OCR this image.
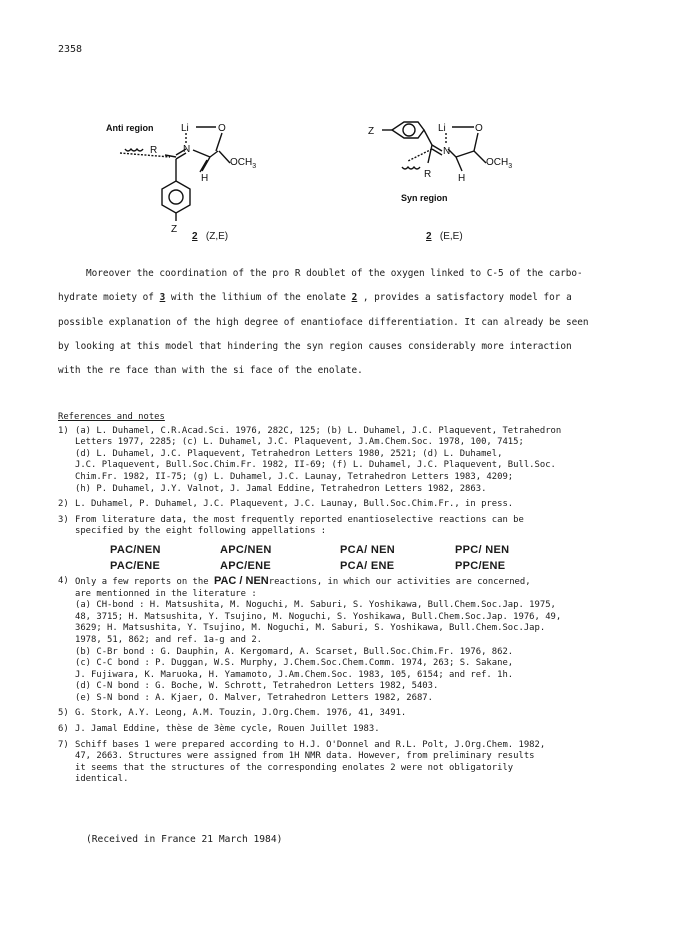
2358
Anti region	Li	O
N
R
H
$OCH_3$
Z
Z	Li	O
N
R	H
$OCH_3$
Syn region
2 (Z,E)	2 (E,E)

Moreover the coordination of the pro R doublet of the oxygen linked to C-5 of the carbo-

hydrate moiety of 3 with the lithium of the enolate 2 , provides a satisfactory model for a
possible explanation of the high degree of enantioface differentiation. It can already be seen
by looking at this model that hindering the syn region causes considerably more interaction
with the re face than with the si face of the enolate.
References and notes
1) (a) L. Duhamel, C.R.Acad.Sci. 1976, 282C, 125; (b) L. Duhamel, J.C. Plaquevent, Tetrahedron
Letters 1977, 2285; (c) L. Duhamel, J.C. Plaquevent, J.Am.Chem.Soc. 1978, 100, 7415;
(d) L. Duhamel, J.C. Plaquevent, Tetrahedron Letters 1980, 2521; (d) L. Duhamel,
J.C. Plaquevent, Bull.Soc.Chim.Fr. 1982, II-69; (f) L. Duhamel, J.C. Plaquevent, Bull.Soc.
Chim.Fr. 1982, II-75; (g) L. Duhamel, J.C. Launay, Tetrahedron Letters 1983, 4209;
(h) P. Duhamel, J.Y. Valnot, J. Jamal Eddine, Tetrahedron Letters 1982, 2863.
2) L. Duhamel, P. Duhamel, J.C. Plaquevent, J.C. Launay, Bull.Soc.Chim.Fr., in press.
3) From literature data, the most frequently reported enantioselective reactions can be
specified by the eight following appellations :
PAC/NEN	APC/NEN	PCA/ NEN	PPC/ NEN
PAC/ENE	APC/ENE	PCA/ ENE	PPC/ENE
4) Only a few reports on the PAC / NENreactions, in which our activities are concerned,
are mentionned in the literature :
(a) CH-bond : H. Matsushita, M. Noguchi, M. Saburi, S. Yoshikawa, Bull.Chem.Soc.Jap. 1975,
48, 3715; H. Matsushita, Y. Tsujino, M. Noguchi, S. Yoshikawa, Bull.Chem.Soc.Jap. 1976, 49,
3629; H. Matsushita, Y. Tsujino, M. Noguchi, M. Saburi, S. Yoshikawa, Bull.Chem.Soc.Jap.
1978, 51, 862; and ref. 1a-g and 2.
(b) C-Br bond : G. Dauphin, A. Kergomard, A. Scarset, Bull.Soc.Chim.Fr. 1976, 862.
(c) C-C bond : P. Duggan, W.S. Murphy, J.Chem.Soc.Chem.Comm. 1974, 263; S. Sakane,
J. Fujiwara, K. Maruoka, H. Yamamoto, J.Am.Chem.Soc. 1983, 105, 6154; and ref. 1h.
(d) C-N bond : G. Boche, W. Schrott, Tetrahedron Letters 1982, 5403.
(e) S-N bond : A. Kjaer, O. Malver, Tetrahedron Letters 1982, 2687.
5) G. Stork, A.Y. Leong, A.M. Touzin, J.Org.Chem. 1976, 41, 3491.
6) J. Jamal Eddine, thèse de 3ème cycle, Rouen Juillet 1983.
7) Schiff bases 1 were prepared according to H.J. O'Donnel and R.L. Polt, J.Org.Chem. 1982,
47, 2663. Structures were assigned from 1H NMR data. However, from preliminary results
it seems that the structures of the corresponding enolates 2 were not obligatorily
identical.
(Received in France 21 March 1984)
